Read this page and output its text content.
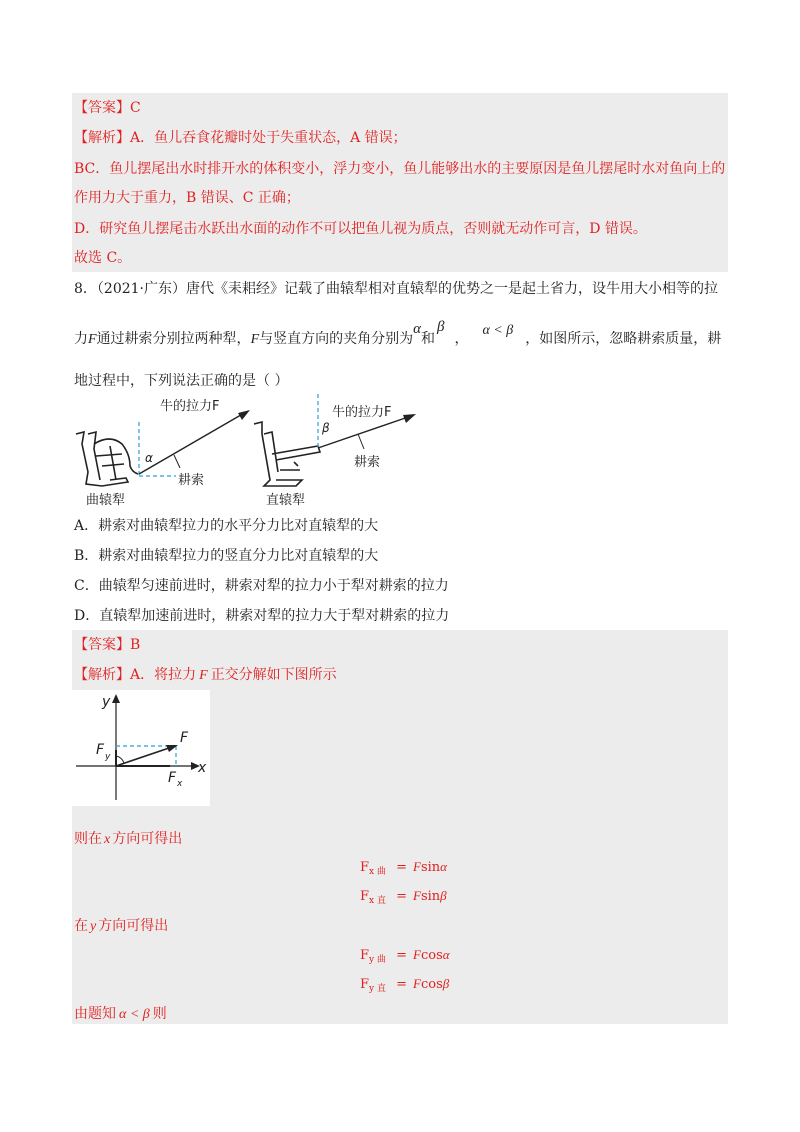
【答案】C
【解析】A．鱼儿吞食花瓣时处于失重状态，A 错误；
BC．鱼儿摆尾出水时排开水的体积变小，浮力变小，鱼儿能够出水的主要原因是鱼儿摆尾时水对鱼向上的
作用力大于重力，B 错误、C 正确；
D．研究鱼儿摆尾击水跃出水面的动作不可以把鱼儿视为质点，否则就无动作可言，D 错误。
故选 C。
8．（2021·广东）唐代《耒耜经》记载了曲辕犁相对直辕犁的优势之一是起土省力，设牛用大小相等的拉
力F通过耕索分别拉两种犁，F与竖直方向的夹角分别为α和β，α < β，如图所示，忽略耕索质量，耕
地过程中，下列说法正确的是（ ）
牛的拉力F
α
耕索
曲辕犁
牛的拉力F
β
耕索
直辕犁
A．耕索对曲辕犁拉力的水平分力比对直辕犁的大
B．耕索对曲辕犁拉力的竖直分力比对直辕犁的大
C．曲辕犁匀速前进时，耕索对犁的拉力小于犁对耕索的拉力
D．直辕犁加速前进时，耕索对犁的拉力大于犁对耕索的拉力
【答案】B
【解析】A．将拉力 F 正交分解如下图所示
y
x
F
F y
F x
则在 x 方向可得出
$F_{x 曲} = Fsin\alpha$
$F_{x 直} = Fsin\beta$
在 y 方向可得出
$F_{y 曲} = Fcos\alpha$
$F_{y 直} = Fcos\beta$
由题知 α < β 则
